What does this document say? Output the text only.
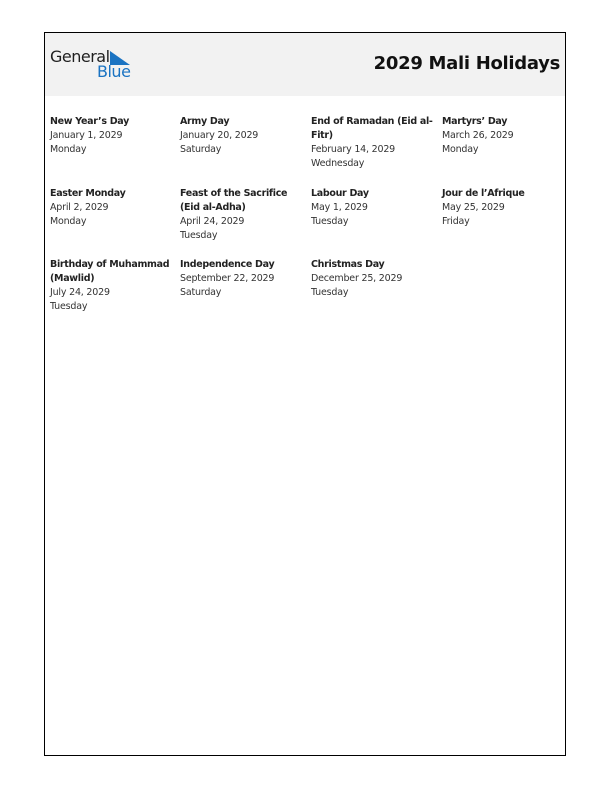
General
Blue	2029 Mali Holidays
New Year’s Day
January 1, 2029
Monday
Army Day
January 20, 2029
Saturday
End of Ramadan (Eid al-Fitr)
February 14, 2029
Wednesday
Martyrs’ Day
March 26, 2029
Monday
Easter Monday
April 2, 2029
Monday
Feast of the Sacrifice (Eid al-Adha)
April 24, 2029
Tuesday
Labour Day
May 1, 2029
Tuesday
Jour de l’Afrique
May 25, 2029
Friday
Birthday of Muhammad (Mawlid)
July 24, 2029
Tuesday
Independence Day
September 22, 2029
Saturday
Christmas Day
December 25, 2029
Tuesday
